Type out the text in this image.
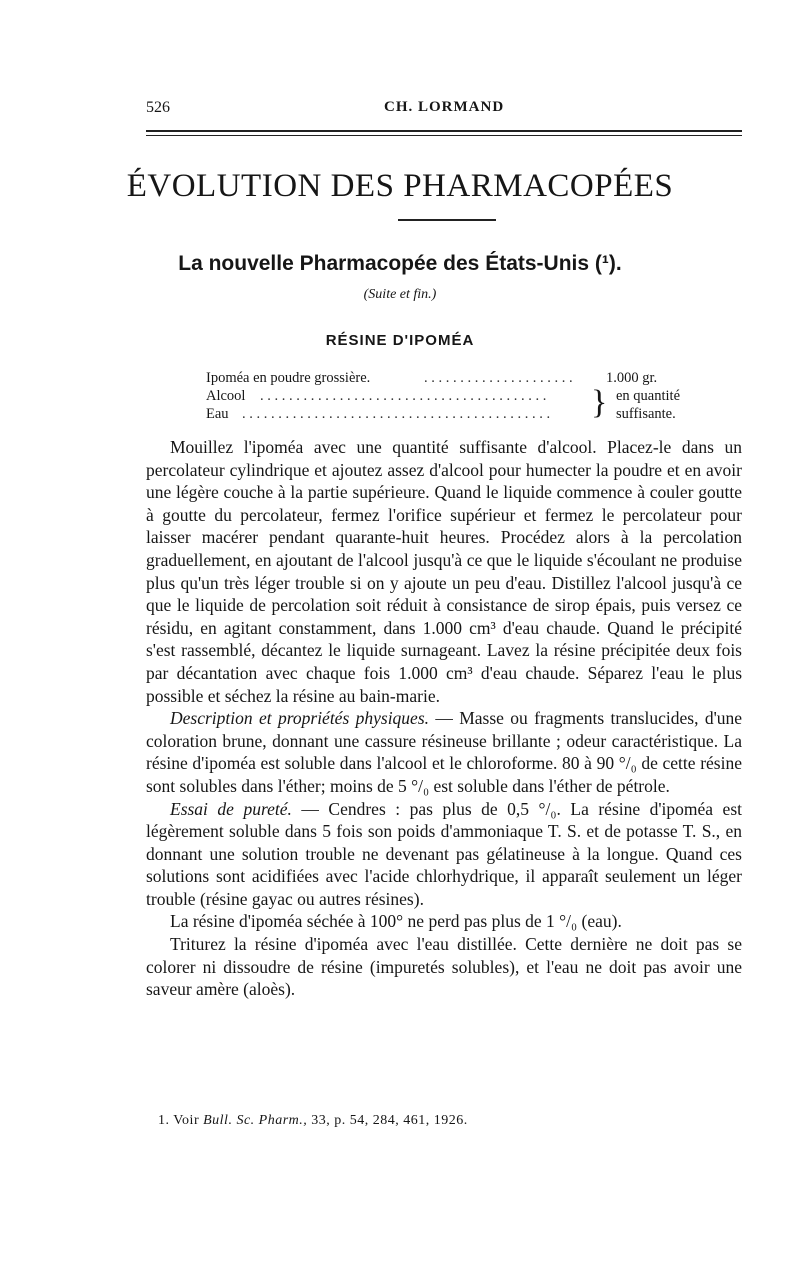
526	CH. LORMAND
ÉVOLUTION DES PHARMACOPÉES
La nouvelle Pharmacopée des États-Unis (¹).
(Suite et fin.)
RÉSINE D'IPOMÉA
Ipoméa en poudre grossière.	. . . . . . . . . . . . . . . . . . . . .	1.000 gr.
Alcool . . . . . . . . . . . . . . . . . . . . . . . . . . . . . . . . . . . . . . . .	en quantité
Eau . . . . . . . . . . . . . . . . . . . . . . . . . . . . . . . . . . . . . . . . . . .	suffisante.
}

Mouillez l'ipoméa avec une quantité suffisante d'alcool. Placez-le dans un percolateur cylindrique et ajoutez assez d'alcool pour humecter la poudre et en avoir une légère couche à la partie supérieure. Quand le liquide commence à couler goutte à goutte du percolateur, fermez l'orifice supérieur et fermez le percolateur pour laisser macérer pendant quarante-huit heures. Procédez alors à la percolation graduellement, en ajoutant de l'alcool jusqu'à ce que le liquide s'écoulant ne produise plus qu'un très léger trouble si on y ajoute un peu d'eau. Distillez l'alcool jusqu'à ce que le liquide de percolation soit réduit à consistance de sirop épais, puis versez ce résidu, en agitant constamment, dans 1.000 cm³ d'eau chaude. Quand le précipité s'est rassemblé, décantez le liquide surnageant. Lavez la résine précipitée deux fois par décantation avec chaque fois 1.000 cm³ d'eau chaude. Séparez l'eau le plus possible et séchez la résine au bain-marie.

Description et propriétés physiques. — Masse ou fragments translucides, d'une coloration brune, donnant une cassure résineuse brillante ; odeur caractéristique. La résine d'ipoméa est soluble dans l'alcool et le chloroforme. 80 à 90 °/₀ de cette résine sont solubles dans l'éther; moins de 5 °/₀ est soluble dans l'éther de pétrole.

Essai de pureté. — Cendres : pas plus de 0,5 °/₀. La résine d'ipoméa est légèrement soluble dans 5 fois son poids d'ammoniaque T. S. et de potasse T. S., en donnant une solution trouble ne devenant pas gélatineuse à la longue. Quand ces solutions sont acidifiées avec l'acide chlorhydrique, il apparaît seulement un léger trouble (résine gayac ou autres résines).

La résine d'ipoméa séchée à 100° ne perd pas plus de 1 °/₀ (eau).

Triturez la résine d'ipoméa avec l'eau distillée. Cette dernière ne doit pas se colorer ni dissoudre de résine (impuretés solubles), et l'eau ne doit pas avoir une saveur amère (aloès).

1. Voir Bull. Sc. Pharm., 33, p. 54, 284, 461, 1926.
